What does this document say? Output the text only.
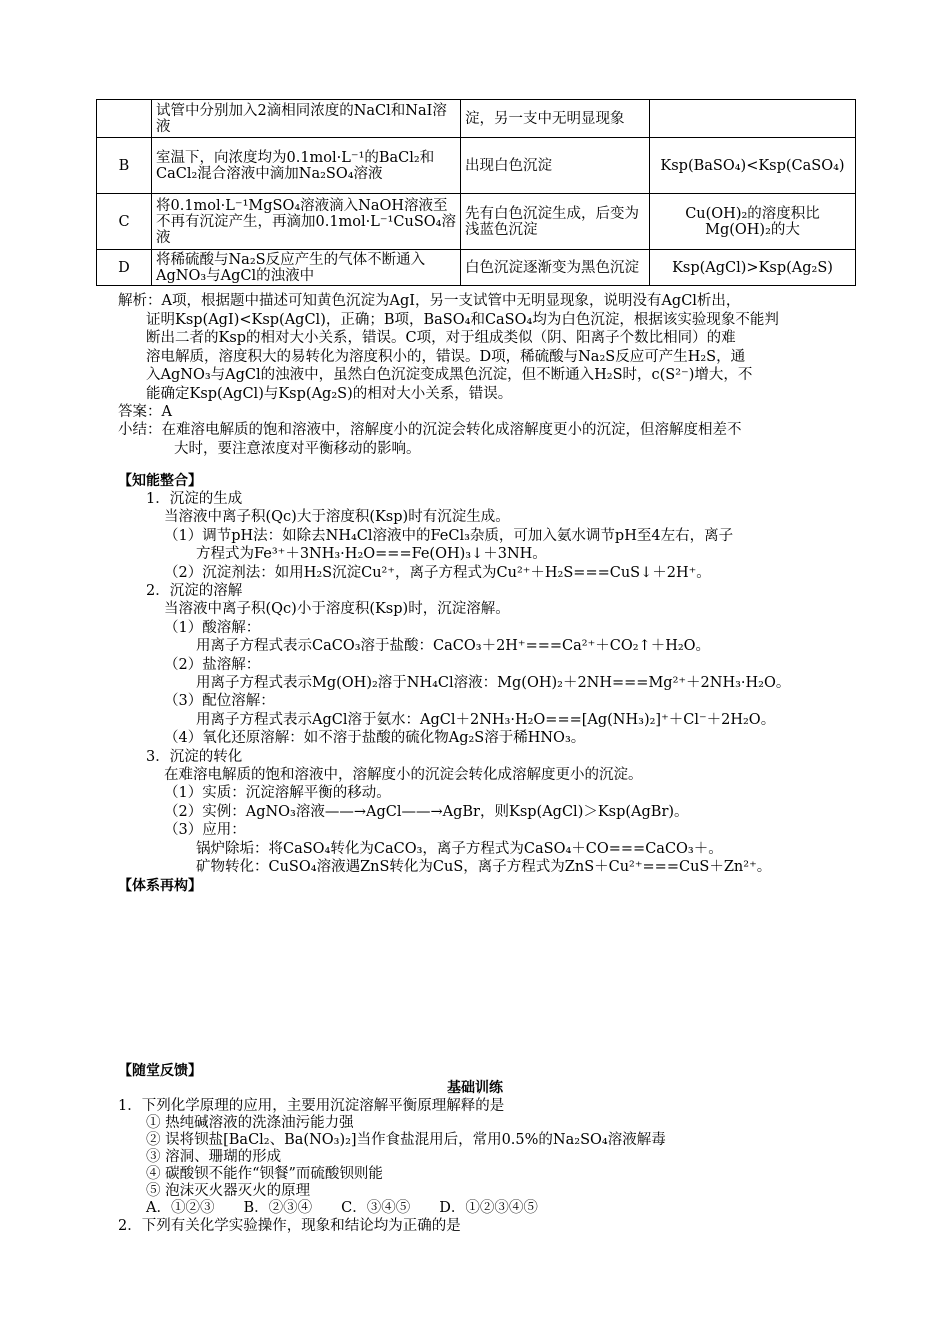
	试管中分别加入2滴相同浓度的NaCl和NaI溶液	淀，另一支中无明显现象	
B	室温下，向浓度均为0.1mol·L⁻¹的BaCl₂和CaCl₂混合溶液中滴加Na₂SO₄溶液	出现白色沉淀	Ksp(BaSO₄)<Ksp(CaSO₄)
C	将0.1mol·L⁻¹MgSO₄溶液滴入NaOH溶液至不再有沉淀产生，再滴加0.1mol·L⁻¹CuSO₄溶液	先有白色沉淀生成，后变为浅蓝色沉淀	Cu(OH)₂的溶度积比Mg(OH)₂的大
D	将稀硫酸与Na₂S反应产生的气体不断通入AgNO₃与AgCl的浊液中	白色沉淀逐渐变为黑色沉淀	Ksp(AgCl)>Ksp(Ag₂S)
解析：A项，根据题中描述可知黄色沉淀为AgI，另一支试管中无明显现象，说明没有AgCl析出，
证明Ksp(AgI)<Ksp(AgCl)，正确；B项，BaSO₄和CaSO₄均为白色沉淀，根据该实验现象不能判
断出二者的Ksp的相对大小关系，错误。C项，对于组成类似（阴、阳离子个数比相同）的难
溶电解质，溶度积大的易转化为溶度积小的，错误。D项，稀硫酸与Na₂S反应可产生H₂S，通
入AgNO₃与AgCl的浊液中，虽然白色沉淀变成黑色沉淀，但不断通入H₂S时，c(S²⁻)增大，不
能确定Ksp(AgCl)与Ksp(Ag₂S)的相对大小关系，错误。
答案：A
小结：在难溶电解质的饱和溶液中，溶解度小的沉淀会转化成溶解度更小的沉淀，但溶解度相差不
大时，要注意浓度对平衡移动的影响。
【知能整合】
1．沉淀的生成
当溶液中离子积(Qc)大于溶度积(Ksp)时有沉淀生成。
（1）调节pH法：如除去NH₄Cl溶液中的FeCl₃杂质，可加入氨水调节pH至4左右，离子
方程式为Fe³⁺＋3NH₃·H₂O===Fe(OH)₃↓＋3NH。
（2）沉淀剂法：如用H₂S沉淀Cu²⁺，离子方程式为Cu²⁺＋H₂S===CuS↓＋2H⁺。
2．沉淀的溶解
当溶液中离子积(Qc)小于溶度积(Ksp)时，沉淀溶解。
（1）酸溶解：
用离子方程式表示CaCO₃溶于盐酸：CaCO₃＋2H⁺===Ca²⁺＋CO₂↑＋H₂O。
（2）盐溶解：
用离子方程式表示Mg(OH)₂溶于NH₄Cl溶液：Mg(OH)₂＋2NH===Mg²⁺＋2NH₃·H₂O。
（3）配位溶解：
用离子方程式表示AgCl溶于氨水：AgCl＋2NH₃·H₂O===[Ag(NH₃)₂]⁺＋Cl⁻＋2H₂O。
（4）氧化还原溶解：如不溶于盐酸的硫化物Ag₂S溶于稀HNO₃。
3．沉淀的转化
在难溶电解质的饱和溶液中，溶解度小的沉淀会转化成溶解度更小的沉淀。
（1）实质：沉淀溶解平衡的移动。
（2）实例：AgNO₃溶液——→AgCl——→AgBr，则Ksp(AgCl)＞Ksp(AgBr)。
（3）应用：
锅炉除垢：将CaSO₄转化为CaCO₃，离子方程式为CaSO₄＋CO===CaCO₃＋。
矿物转化：CuSO₄溶液遇ZnS转化为CuS，离子方程式为ZnS＋Cu²⁺===CuS＋Zn²⁺。
【体系再构】
【随堂反馈】
基础训练
1．下列化学原理的应用，主要用沉淀溶解平衡原理解释的是
① 热纯碱溶液的洗涤油污能力强
② 误将钡盐[BaCl₂、Ba(NO₃)₂]当作食盐混用后，常用0.5%的Na₂SO₄溶液解毒
③ 溶洞、珊瑚的形成
④ 碳酸钡不能作“钡餐”而硫酸钡则能
⑤ 泡沫灭火器灭火的原理
A．①②③　　B．②③④　　C．③④⑤　　D．①②③④⑤
2．下列有关化学实验操作，现象和结论均为正确的是
